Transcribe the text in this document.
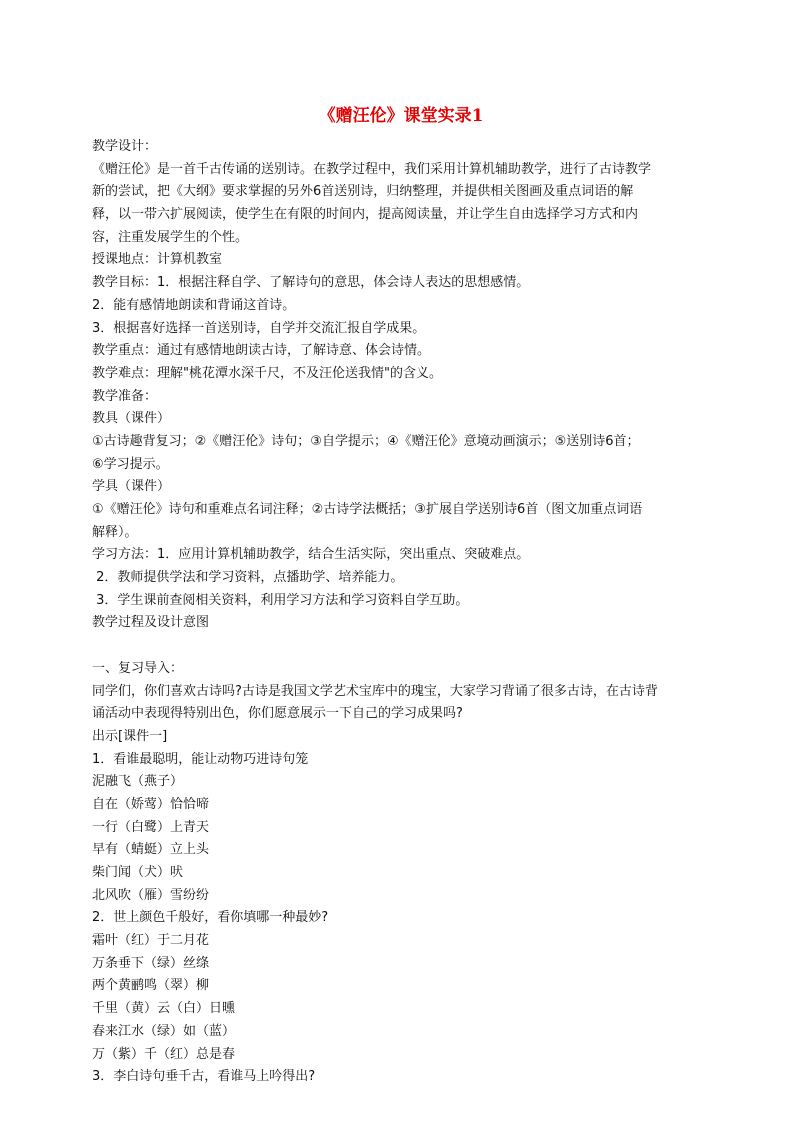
《赠汪伦》课堂实录1
教学设计：
《赠汪伦》是一首千古传诵的送别诗。在教学过程中，我们采用计算机辅助教学，进行了古诗教学
新的尝试，把《大纲》要求掌握的另外6首送别诗，归纳整理，并提供相关图画及重点词语的解
释，以一带六扩展阅读，使学生在有限的时间内，提高阅读量，并让学生自由选择学习方式和内
容，注重发展学生的个性。
授课地点：计算机教室
教学目标：1．根据注释自学、了解诗句的意思，体会诗人表达的思想感情。
2．能有感情地朗读和背诵这首诗。
3．根据喜好选择一首送别诗，自学并交流汇报自学成果。
教学重点：通过有感情地朗读古诗，了解诗意、体会诗情。
教学难点：理解"桃花潭水深千尺，不及汪伦送我情"的含义。
教学准备：
教具（课件）
①古诗趣背复习；②《赠汪伦》诗句；③自学提示；④《赠汪伦》意境动画演示；⑤送别诗6首；
⑥学习提示。
学具（课件）
①《赠汪伦》诗句和重难点名词注释；②古诗学法概括；③扩展自学送别诗6首（图文加重点词语
解释）。
学习方法：1．应用计算机辅助教学，结合生活实际，突出重点、突破难点。
2．教师提供学法和学习资料，点播助学、培养能力。
3．学生课前查阅相关资料，利用学习方法和学习资料自学互助。
教学过程及设计意图
一、复习导入：
同学们，你们喜欢古诗吗?古诗是我国文学艺术宝库中的瑰宝，大家学习背诵了很多古诗，在古诗背
诵活动中表现得特别出色，你们愿意展示一下自己的学习成果吗?
出示[课件一]
1．看谁最聪明，能让动物巧进诗句笼
泥融飞（燕子）
自在（娇莺）恰恰啼
一行（白鹭）上青天
早有（蜻蜓）立上头
柴门闻（犬）吠
北风吹（雁）雪纷纷
2．世上颜色千般好，看你填哪一种最妙?
霜叶（红）于二月花
万条垂下（绿）丝绦
两个黄鹂鸣（翠）柳
千里（黄）云（白）日曛
春来江水（绿）如（蓝）
万（紫）千（红）总是春
3．李白诗句垂千古，看谁马上吟得出?
